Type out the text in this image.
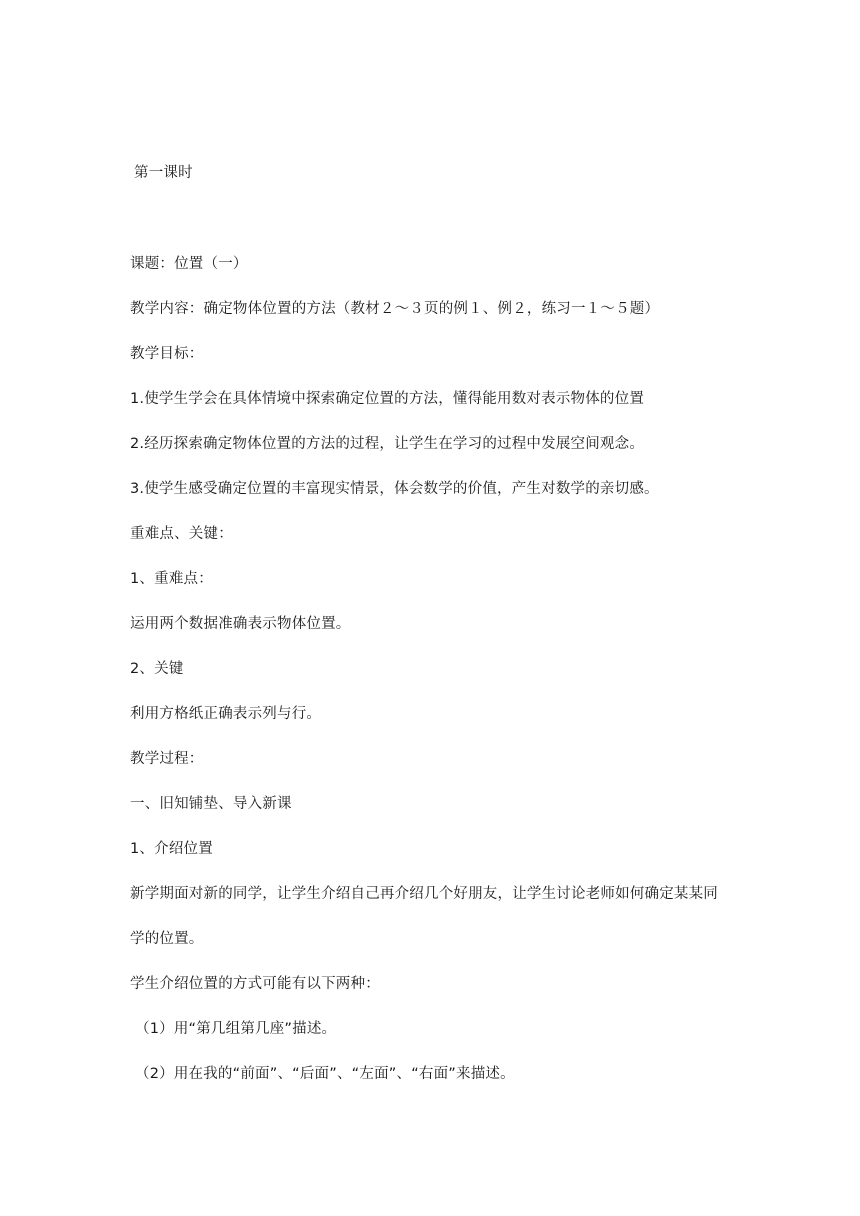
第一课时
课题：位置（一）
教学内容：确定物体位置的方法（教材２～３页的例１、例２，练习一１～５题）
教学目标：
1.使学生学会在具体情境中探索确定位置的方法，懂得能用数对表示物体的位置
2.经历探索确定物体位置的方法的过程，让学生在学习的过程中发展空间观念。
3.使学生感受确定位置的丰富现实情景，体会数学的价值，产生对数学的亲切感。
重难点、关键：
1、重难点：
运用两个数据准确表示物体位置。
2、关键
利用方格纸正确表示列与行。
教学过程：
一、旧知铺垫、导入新课
1、介绍位置
新学期面对新的同学，让学生介绍自己再介绍几个好朋友，让学生讨论老师如何确定某某同
学的位置。
学生介绍位置的方式可能有以下两种：
（1）用“第几组第几座”描述。
（2）用在我的“前面”、“后面”、“左面”、“右面”来描述。
